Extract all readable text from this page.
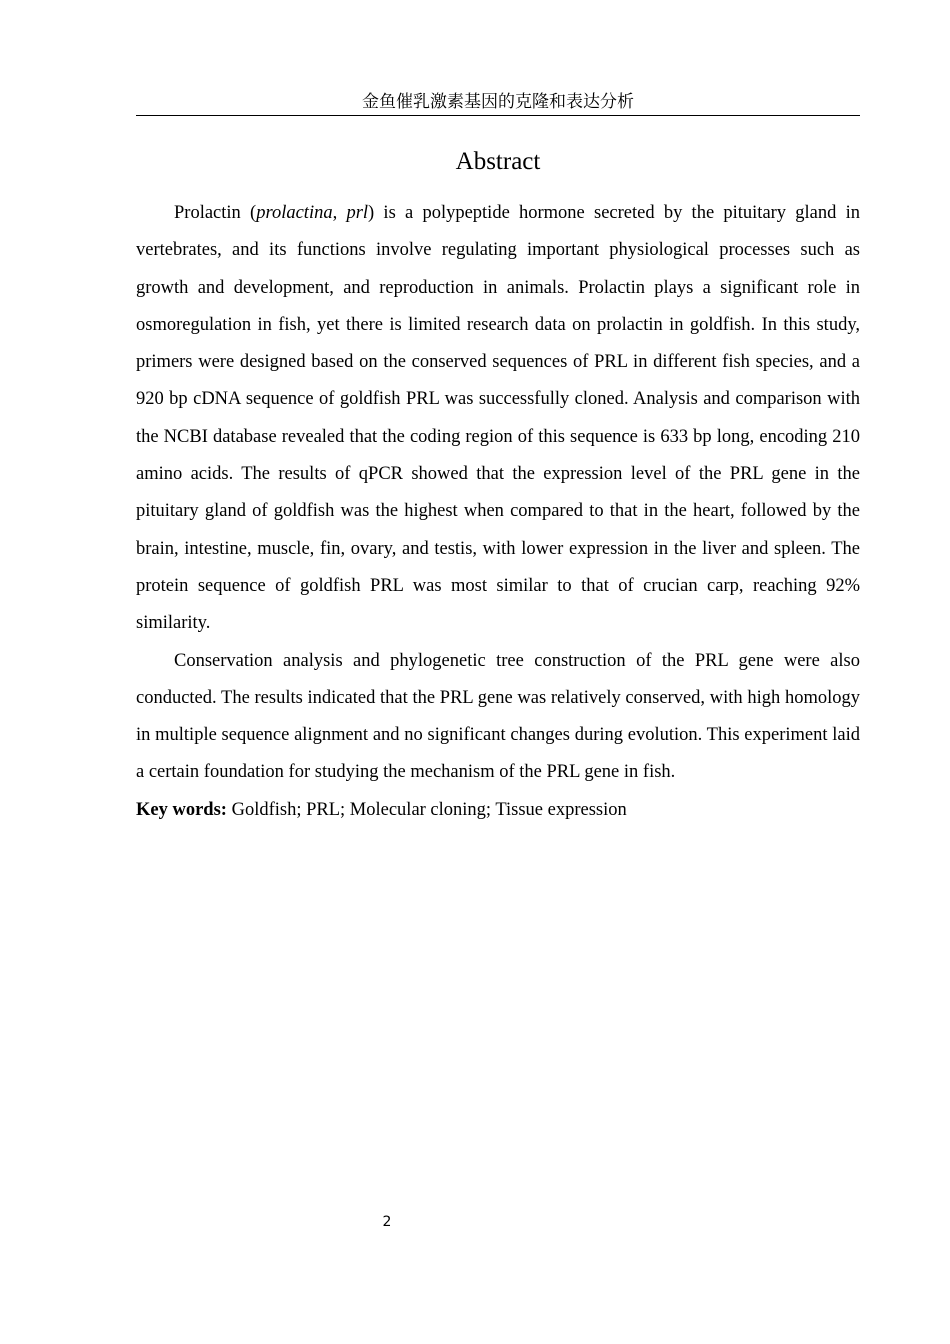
金鱼催乳激素基因的克隆和表达分析
Abstract

Prolactin (prolactina, prl) is a polypeptide hormone secreted by the pituitary gland in vertebrates, and its functions involve regulating important physiological processes such as growth and development, and reproduction in animals. Prolactin plays a significant role in osmoregulation in fish, yet there is limited research data on prolactin in goldfish. In this study, primers were designed based on the conserved sequences of PRL in different fish species, and a 920 bp cDNA sequence of goldfish PRL was successfully cloned. Analysis and comparison with the NCBI database revealed that the coding region of this sequence is 633 bp long, encoding 210 amino acids. The results of qPCR showed that the expression level of the PRL gene in the pituitary gland of goldfish was the highest when compared to that in the heart, followed by the brain, intestine, muscle, fin, ovary, and testis, with lower expression in the liver and spleen. The protein sequence of goldfish PRL was most similar to that of crucian carp, reaching 92% similarity.

Conservation analysis and phylogenetic tree construction of the PRL gene were also conducted. The results indicated that the PRL gene was relatively conserved, with high homology in multiple sequence alignment and no significant changes during evolution. This experiment laid a certain foundation for studying the mechanism of the PRL gene in fish.

Key words: Goldfish; PRL; Molecular cloning; Tissue expression
2
